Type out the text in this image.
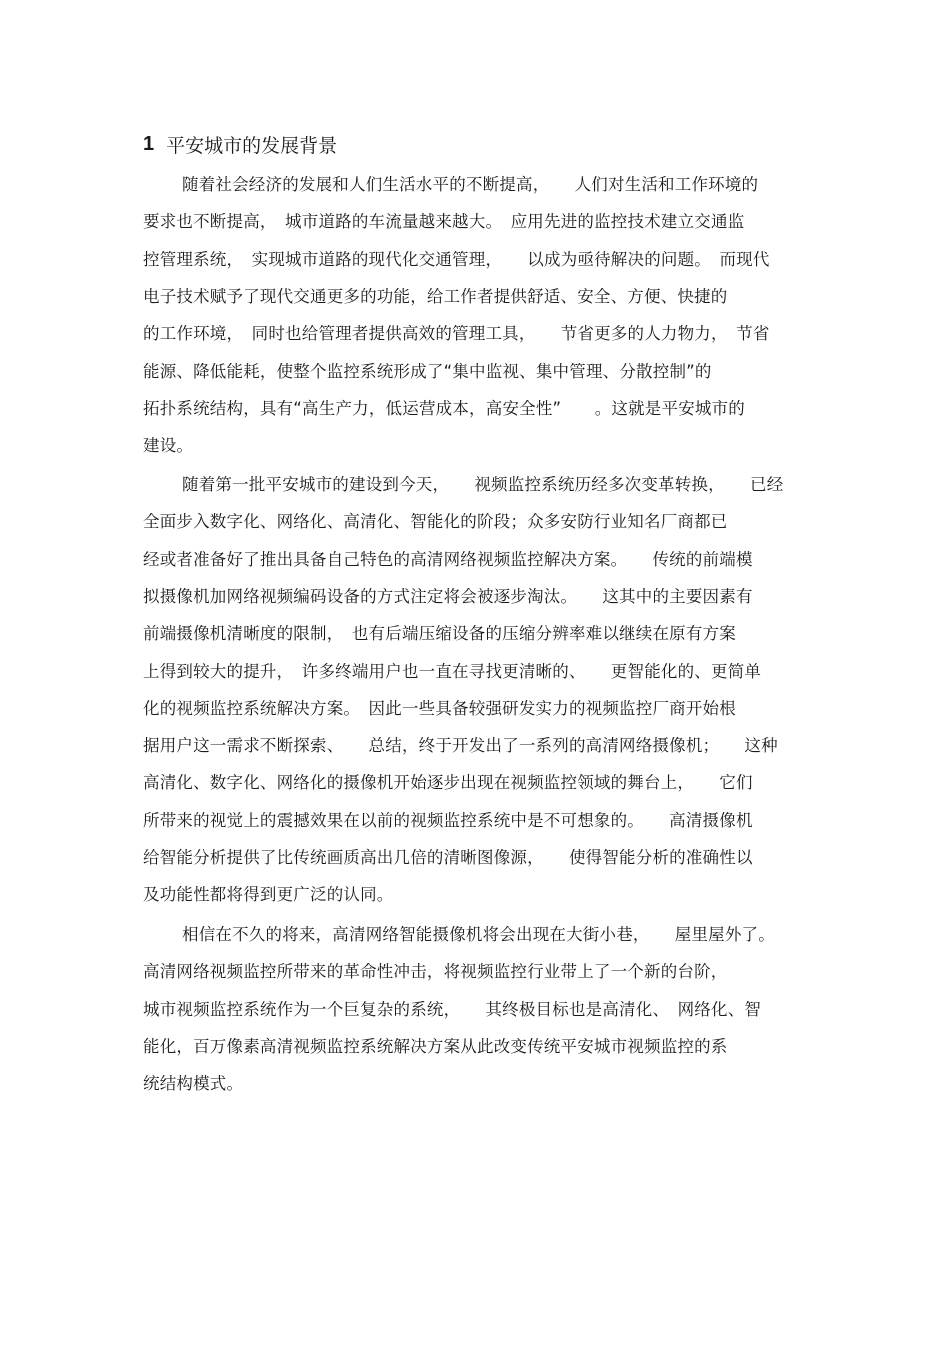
1 平安城市的发展背景
随着社会经济的发展和人们生活水平的不断提高，　　人们对生活和工作环境的
要求也不断提高，　城市道路的车流量越来越大。　应用先进的监控技术建立交通监
控管理系统，　实现城市道路的现代化交通管理，　　以成为亟待解决的问题。　而现代
电子技术赋予了现代交通更多的功能，给工作者提供舒适、安全、方便、快捷的
的工作环境，　同时也给管理者提供高效的管理工具，　　节省更多的人力物力，　节省
能源、降低能耗，使整个监控系统形成了“集中监视、集中管理、分散控制”的
拓扑系统结构，具有“高生产力，低运营成本，高安全性”　　。这就是平安城市的
建设。
随着第一批平安城市的建设到今天，　　视频监控系统历经多次变革转换，　　已经
全面步入数字化、网络化、高清化、智能化的阶段；众多安防行业知名厂商都已
经或者准备好了推出具备自己特色的高清网络视频监控解决方案。　　传统的前端模
拟摄像机加网络视频编码设备的方式注定将会被逐步淘汰。　　这其中的主要因素有
前端摄像机清晰度的限制，　也有后端压缩设备的压缩分辨率难以继续在原有方案
上得到较大的提升，　许多终端用户也一直在寻找更清晰的、　　更智能化的、更简单
化的视频监控系统解决方案。　因此一些具备较强研发实力的视频监控厂商开始根
据用户这一需求不断探索、　　总结，终于开发出了一系列的高清网络摄像机；　　这种
高清化、数字化、网络化的摄像机开始逐步出现在视频监控领域的舞台上，　　它们
所带来的视觉上的震撼效果在以前的视频监控系统中是不可想象的。　　高清摄像机
给智能分析提供了比传统画质高出几倍的清晰图像源，　　使得智能分析的准确性以
及功能性都将得到更广泛的认同。
相信在不久的将来，高清网络智能摄像机将会出现在大街小巷，　　屋里屋外了。
高清网络视频监控所带来的革命性冲击，将视频监控行业带上了一个新的台阶，
城市视频监控系统作为一个巨复杂的系统，　　其终极目标也是高清化、　网络化、智
能化，百万像素高清视频监控系统解决方案从此改变传统平安城市视频监控的系
统结构模式。
